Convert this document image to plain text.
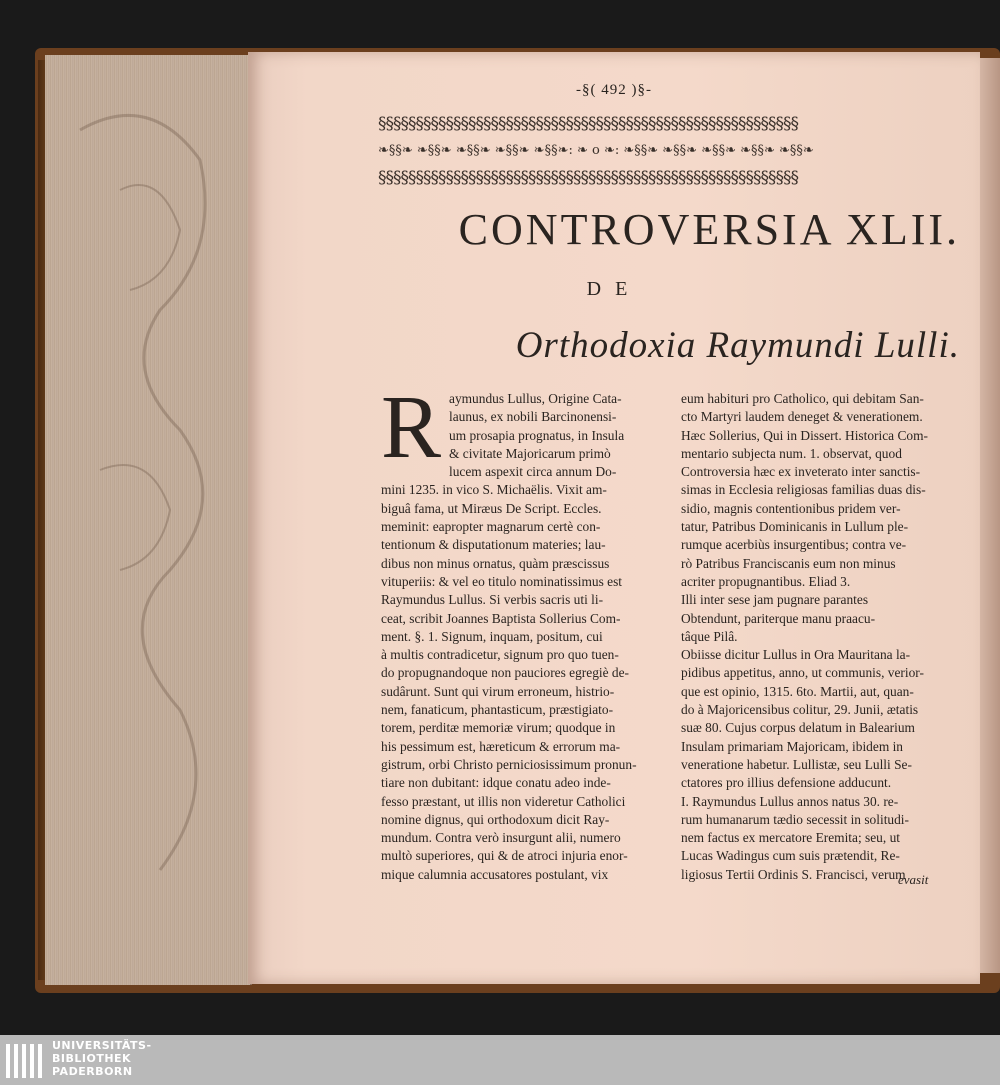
-§( 492 )§-
§§§§§§§§§§§§§§§§§§§§§§§§§§§§§§§§§§§§§§§§§§§§§§§§§§§§§§§§
❧§§❧ ❧§§❧ ❧§§❧ ❧§§❧ ❧§§❧: ❧ o ❧: ❧§§❧ ❧§§❧ ❧§§❧ ❧§§❧ ❧§§❧
§§§§§§§§§§§§§§§§§§§§§§§§§§§§§§§§§§§§§§§§§§§§§§§§§§§§§§§§
CONTROVERSIA XLII.
DE
Orthodoxia Raymundi Lulli.
R aymundus Lullus, Origine Cata-
launus, ex nobili Barcinonensi-
um prosapia prognatus, in Insula
& civitate Majoricarum primò
lucem aspexit circa annum Do-
mini 1235. in vico S. Michaëlis. Vixit am-
biguâ fama, ut Miræus De Script. Eccles.
meminit: eapropter magnarum certè con-
tentionum & disputationum materies; lau-
dibus non minus ornatus, quàm præscissus
vituperiis: & vel eo titulo nominatissimus est
Raymundus Lullus. Si verbis sacris uti li-
ceat, scribit Joannes Baptista Sollerius Com-
ment. §. 1. Signum, inquam, positum, cui
à multis contradicetur, signum pro quo tuen-
do propugnandoque non pauciores egregiè de-
sudârunt. Sunt qui virum erroneum, histrio-
nem, fanaticum, phantasticum, præstigiato-
torem, perditæ memoriæ virum; quodque in
his pessimum est, hæreticum & errorum ma-
gistrum, orbi Christo perniciosissimum pronun-
tiare non dubitant: idque conatu adeo inde-
fesso præstant, ut illis non videretur Catholici
nomine dignus, qui orthodoxum dicit Ray-
mundum. Contra verò insurgunt alii, numero
multò superiores, qui & de atroci injuria enor-
mique calumnia accusatores postulant, vix
eum habituri pro Catholico, qui debitam San-
cto Martyri laudem deneget & venerationem.
Hæc Sollerius, Qui in Dissert. Historica Com-
mentario subjecta num. 1. observat, quod
Controversia hæc ex inveterato inter sanctis-
simas in Ecclesia religiosas familias duas dis-
sidio, magnis contentionibus pridem ver-
tatur, Patribus Dominicanis in Lullum ple-
rumque acerbiùs insurgentibus; contra ve-
rò Patribus Franciscanis eum non minus
acriter propugnantibus. Eliad 3.
Illi inter sese jam pugnare parantes
Obtendunt, pariterque manu praacu-
tâque Pilâ.
Obiisse dicitur Lullus in Ora Mauritana la-
pidibus appetitus, anno, ut communis, verior-
que est opinio, 1315. 6to. Martii, aut, quan-
do à Majoricensibus colitur, 29. Junii, ætatis
suæ 80. Cujus corpus delatum in Balearium
Insulam primariam Majoricam, ibidem in
veneratione habetur. Lullistæ, seu Lulli Se-
ctatores pro illius defensione adducunt.
I. Raymundus Lullus annos natus 30. re-
rum humanarum tædio secessit in solitudi-
nem factus ex mercatore Eremita; seu, ut
Lucas Wadingus cum suis prætendit, Re-
ligiosus Tertii Ordinis S. Francisci, verum
evasit
UNIVERSITÄTS-
BIBLIOTHEK
PADERBORN
